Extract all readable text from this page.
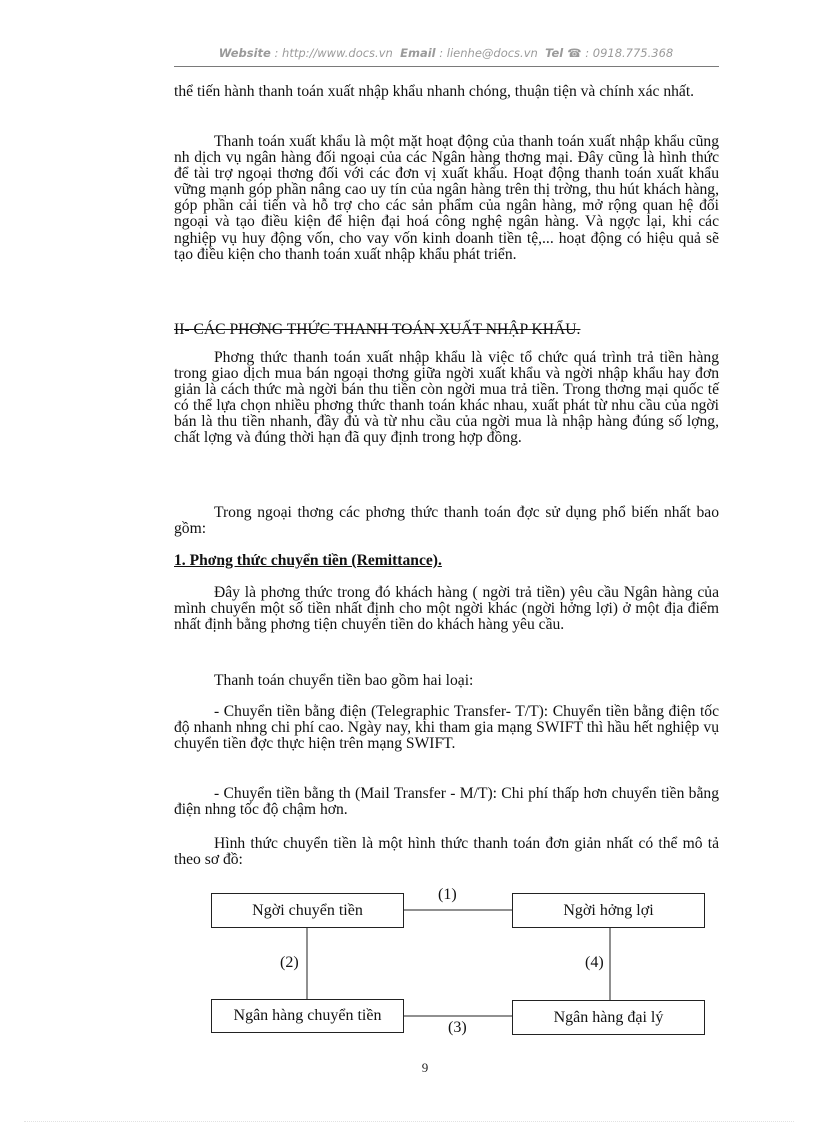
Website : http://www.docs.vn Email : lienhe@docs.vn Tel ☎ : 0918.775.368

thể tiến hành thanh toán xuất nhập khẩu nhanh chóng, thuận tiện và chính xác nhất.

Thanh toán xuất khẩu là một mặt hoạt động của thanh toán xuất nhập khẩu cũng nh dịch vụ ngân hàng đối ngoại của các Ngân hàng thơng mại. Đây cũng là hình thức để tài trợ ngoại thơng đối với các đơn vị xuất khẩu. Hoạt động thanh toán xuất khẩu vững mạnh góp phần nâng cao uy tín của ngân hàng trên thị trờng, thu hút khách hàng, góp phần cải tiến và hỗ trợ cho các sản phẩm của ngân hàng, mở rộng quan hệ đối ngoại và tạo điều kiện để hiện đại hoá công nghệ ngân hàng. Và ngợc lại, khi các nghiệp vụ huy động vốn, cho vay vốn kinh doanh tiền tệ,... hoạt động có hiệu quả sẽ tạo điều kiện cho thanh toán xuất nhập khẩu phát triển.

II- CÁC PHƠNG THỨC THANH TOÁN XUẤT NHẬP KHẨU.

Phơng thức thanh toán xuất nhập khẩu là việc tổ chức quá trình trả tiền hàng trong giao dịch mua bán ngoại thơng giữa ngời xuất khẩu và ngời nhập khẩu hay đơn giản là cách thức mà ngời bán thu tiền còn ngời mua trả tiền. Trong thơng mại quốc tế có thể lựa chọn nhiều phơng thức thanh toán khác nhau, xuất phát từ nhu cầu của ngời bán là thu tiền nhanh, đầy đủ và từ nhu cầu của ngời mua là nhập hàng đúng số lợng, chất lợng và đúng thời hạn đã quy định trong hợp đồng.

Trong ngoại thơng các phơng thức thanh toán đợc sử dụng phổ biến nhất bao gồm:

1. Phơng thức chuyển tiền (Remittance).

Đây là phơng thức trong đó khách hàng ( ngời trả tiền) yêu cầu Ngân hàng của mình chuyển một số tiền nhất định cho một ngời khác (ngời hởng lợi) ở một địa điểm nhất định bằng phơng tiện chuyển tiền do khách hàng yêu cầu.

Thanh toán chuyển tiền bao gồm hai loại:

- Chuyển tiền bằng điện (Telegraphic Transfer- T/T): Chuyển tiền bằng điện tốc độ nhanh nhng chi phí cao. Ngày nay, khi tham gia mạng SWIFT thì hầu hết nghiệp vụ chuyển tiền đợc thực hiện trên mạng SWIFT.

- Chuyển tiền bằng th (Mail Transfer - M/T): Chi phí thấp hơn chuyển tiền bằng điện nhng tốc độ chậm hơn.

Hình thức chuyển tiền là một hình thức thanh toán đơn giản nhất có thể mô tả theo sơ đồ:

Ngời chuyển tiền	Ngời hởng lợi
Ngân hàng chuyển tiền	Ngân hàng đại lý
(1)
(2)
(3)
(4)
9
